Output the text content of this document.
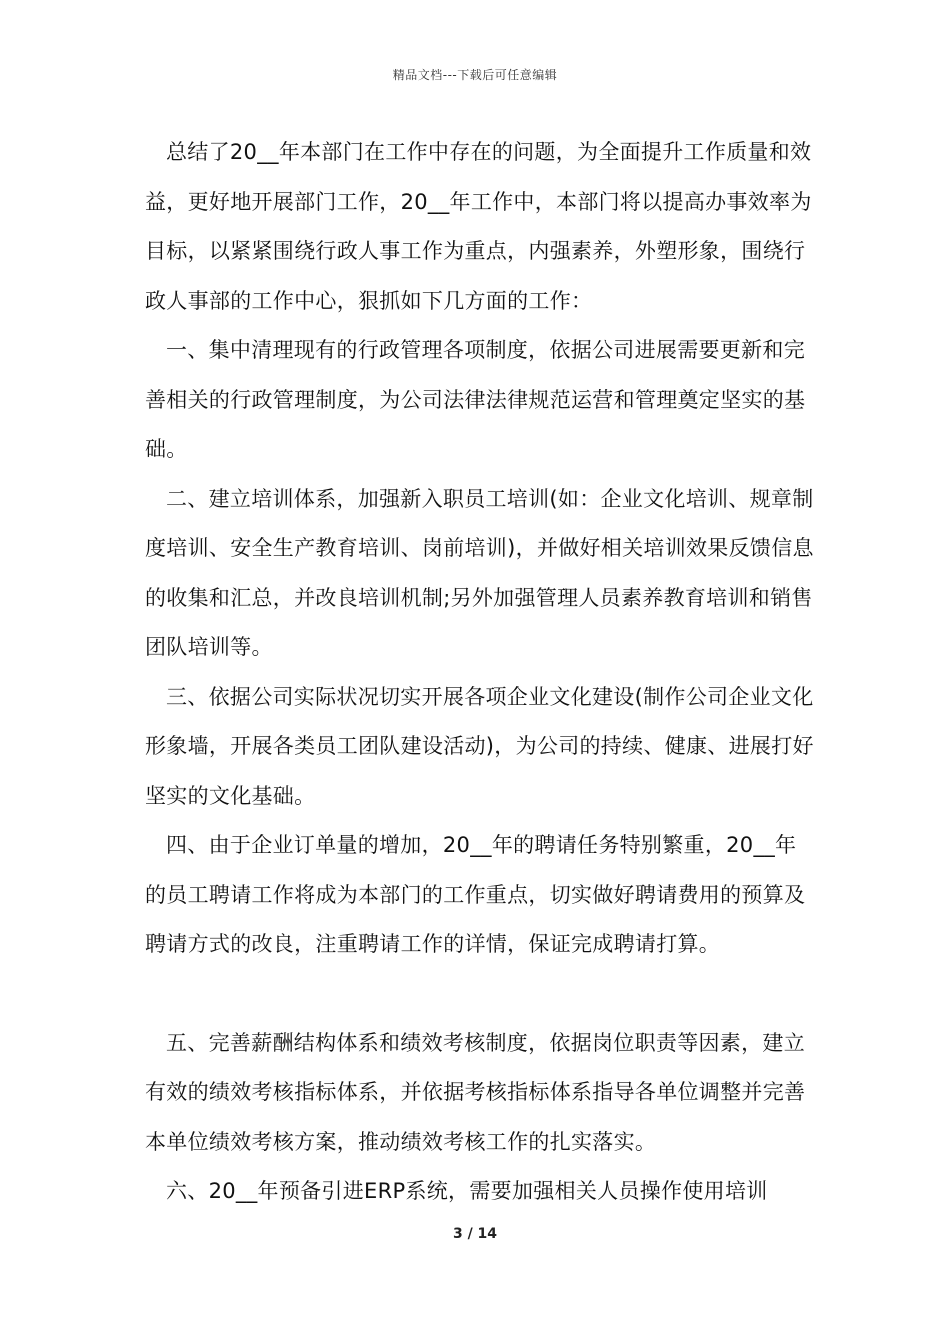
精品文档---下载后可任意编辑

总结了20__年本部门在工作中存在的问题，为全面提升工作质量和效益，更好地开展部门工作，20__年工作中，本部门将以提高办事效率为目标，以紧紧围绕行政人事工作为重点，内强素养，外塑形象，围绕行政人事部的工作中心，狠抓如下几方面的工作：

一、集中清理现有的行政管理各项制度，依据公司进展需要更新和完善相关的行政管理制度，为公司法律法律规范运营和管理奠定坚实的基础。

二、建立培训体系，加强新入职员工培训(如：企业文化培训、规章制度培训、安全生产教育培训、岗前培训)，并做好相关培训效果反馈信息的收集和汇总，并改良培训机制;另外加强管理人员素养教育培训和销售团队培训等。

三、依据公司实际状况切实开展各项企业文化建设(制作公司企业文化形象墙，开展各类员工团队建设活动)，为公司的持续、健康、进展打好坚实的文化基础。

四、由于企业订单量的增加，20__年的聘请任务特别繁重，20__年的员工聘请工作将成为本部门的工作重点，切实做好聘请费用的预算及聘请方式的改良，注重聘请工作的详情，保证完成聘请打算。

五、完善薪酬结构体系和绩效考核制度，依据岗位职责等因素，建立有效的绩效考核指标体系，并依据考核指标体系指导各单位调整并完善本单位绩效考核方案，推动绩效考核工作的扎实落实。

六、20__年预备引进ERP系统，需要加强相关人员操作使用培训

3 / 14
